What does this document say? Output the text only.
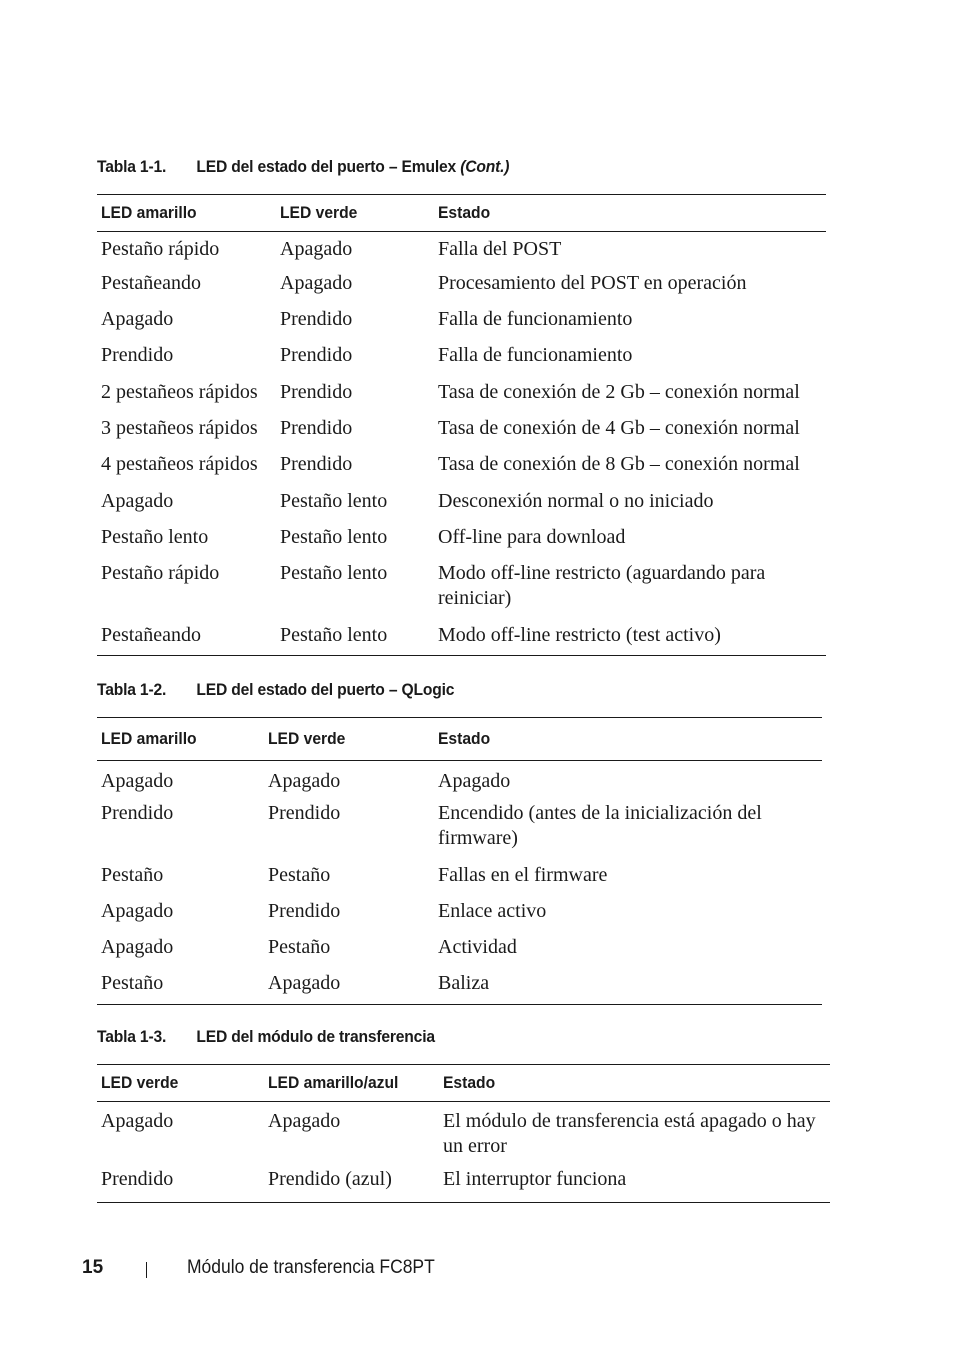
Tabla 1-1. LED del estado del puerto – Emulex (Cont.)
LED amarillo	LED verde	Estado
Pestaño rápido	Apagado	Falla del POST
Pestañeando	Apagado	Procesamiento del POST en operación
Apagado	Prendido	Falla de funcionamiento
Prendido	Prendido	Falla de funcionamiento
2 pestañeos rápidos	Prendido	Tasa de conexión de 2 Gb – conexión normal
3 pestañeos rápidos	Prendido	Tasa de conexión de 4 Gb – conexión normal
4 pestañeos rápidos	Prendido	Tasa de conexión de 8 Gb – conexión normal
Apagado	Pestaño lento	Desconexión normal o no iniciado
Pestaño lento	Pestaño lento	Off-line para download
Pestaño rápido	Pestaño lento	Modo off-line restricto (aguardando para reiniciar)
Pestañeando	Pestaño lento	Modo off-line restricto (test activo)
Tabla 1-2. LED del estado del puerto – QLogic
LED amarillo	LED verde	Estado
Apagado	Apagado	Apagado
Prendido	Prendido	Encendido (antes de la inicialización del firmware)
Pestaño	Pestaño	Fallas en el firmware
Apagado	Prendido	Enlace activo
Apagado	Pestaño	Actividad
Pestaño	Apagado	Baliza
Tabla 1-3. LED del módulo de transferencia
LED verde	LED amarillo/azul	Estado
Apagado	Apagado	El módulo de transferencia está apagado o hay un error
Prendido	Prendido (azul)	El interruptor funciona
15	Módulo de transferencia FC8PT
